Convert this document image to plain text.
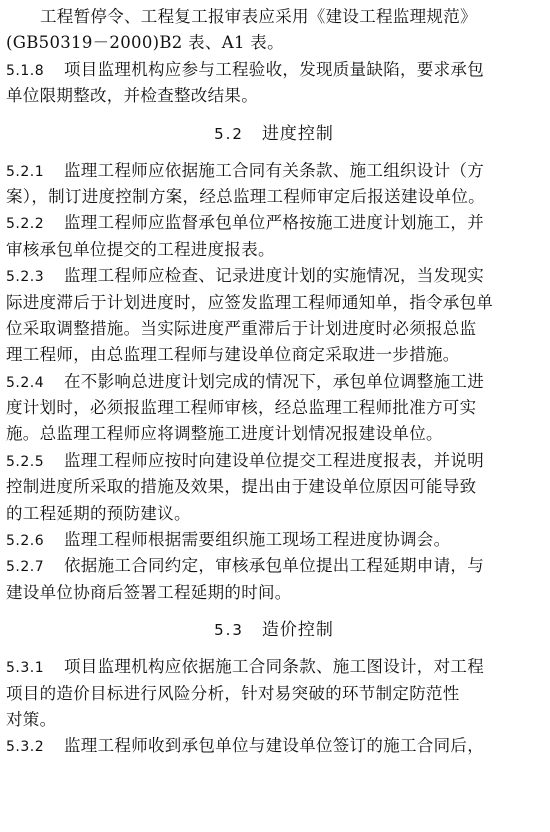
工程暂停令、工程复工报审表应采用《建设工程监理规范》
(GB50319－2000)B2 表、A1 表。
5.1.8 项目监理机构应参与工程验收，发现质量缺陷，要求承包
单位限期整改，并检查整改结果。
5.2 进度控制
5.2.1 监理工程师应依据施工合同有关条款、施工组织设计（方
案），制订进度控制方案，经总监理工程师审定后报送建设单位。
5.2.2 监理工程师应监督承包单位严格按施工进度计划施工，并
审核承包单位提交的工程进度报表。
5.2.3 监理工程师应检查、记录进度计划的实施情况，当发现实
际进度滞后于计划进度时，应签发监理工程师通知单，指令承包单
位采取调整措施。当实际进度严重滞后于计划进度时必须报总监
理工程师，由总监理工程师与建设单位商定采取进一步措施。
5.2.4 在不影响总进度计划完成的情况下，承包单位调整施工进
度计划时，必须报监理工程师审核，经总监理工程师批准方可实
施。总监理工程师应将调整施工进度计划情况报建设单位。
5.2.5 监理工程师应按时向建设单位提交工程进度报表，并说明
控制进度所采取的措施及效果，提出由于建设单位原因可能导致
的工程延期的预防建议。
5.2.6 监理工程师根据需要组织施工现场工程进度协调会。
5.2.7 依据施工合同约定，审核承包单位提出工程延期申请，与
建设单位协商后签署工程延期的时间。
5.3 造价控制
5.3.1 项目监理机构应依据施工合同条款、施工图设计，对工程
项目的造价目标进行风险分析，针对易突破的环节制定防范性
对策。
5.3.2 监理工程师收到承包单位与建设单位签订的施工合同后，
